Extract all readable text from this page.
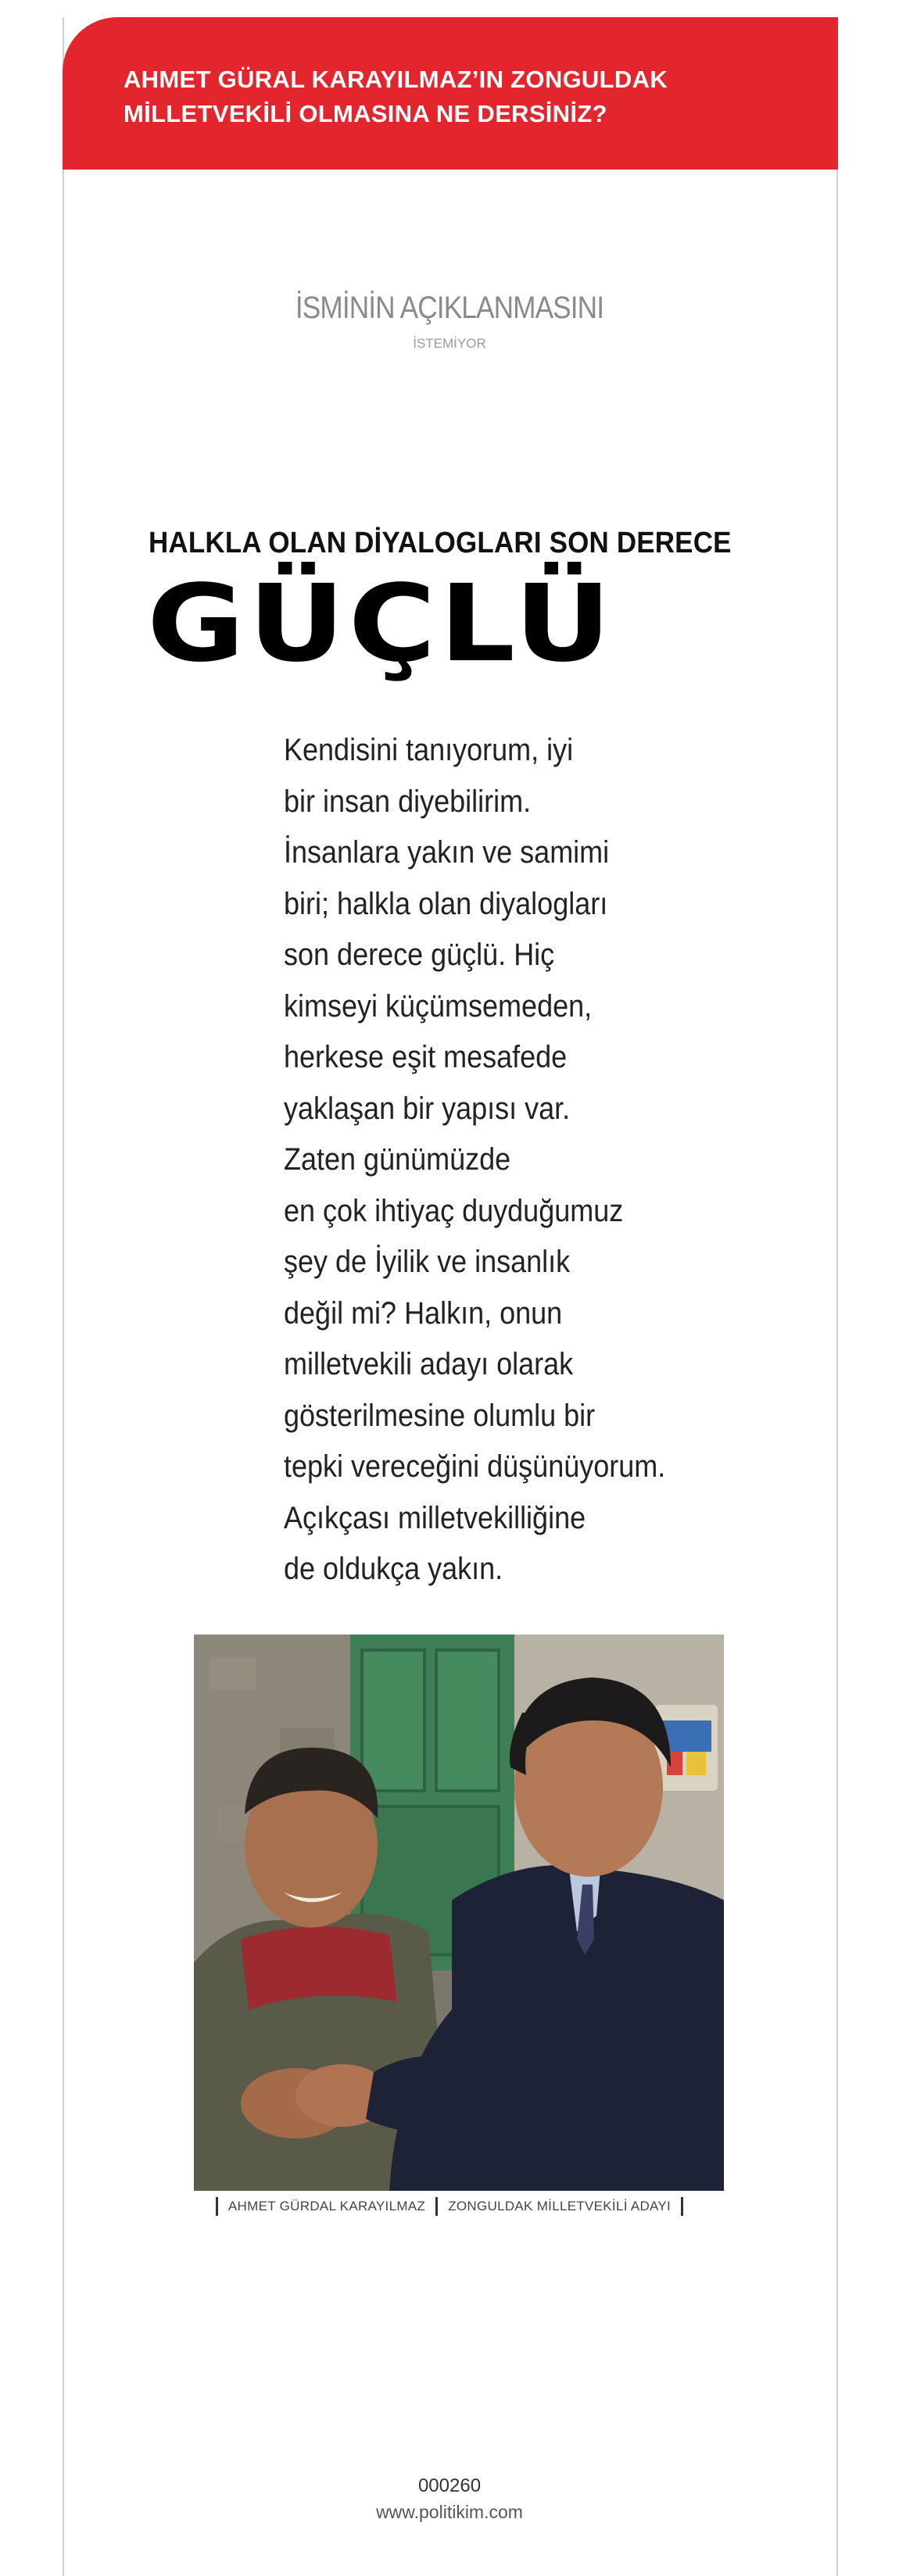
AHMET GÜRAL KARAYILMAZ’IN ZONGULDAK
MİLLETVEKİLİ OLMASINA NE DERSİNİZ?
İSMİNİN AÇIKLANMASINI
İSTEMİYOR
HALKLA OLAN DİYALOGLARI SON DERECE
GÜÇLÜ
Kendisini tanıyorum, iyi
bir insan diyebilirim.
İnsanlara yakın ve samimi
biri; halkla olan diyalogları
son derece güçlü. Hiç
kimseyi küçümsemeden,
herkese eşit mesafede
yaklaşan bir yapısı var.
Zaten günümüzde
en çok ihtiyaç duyduğumuz
şey de İyilik ve insanlık
değil mi? Halkın, onun
milletvekili adayı olarak
gösterilmesine olumlu bir
tepki vereceğini düşünüyorum.
Açıkçası milletvekilliğine
de oldukça yakın.
AHMET GÜRDAL KARAYILMAZ ZONGULDAK MİLLETVEKİLİ ADAYI
000260
www.politikim.com
